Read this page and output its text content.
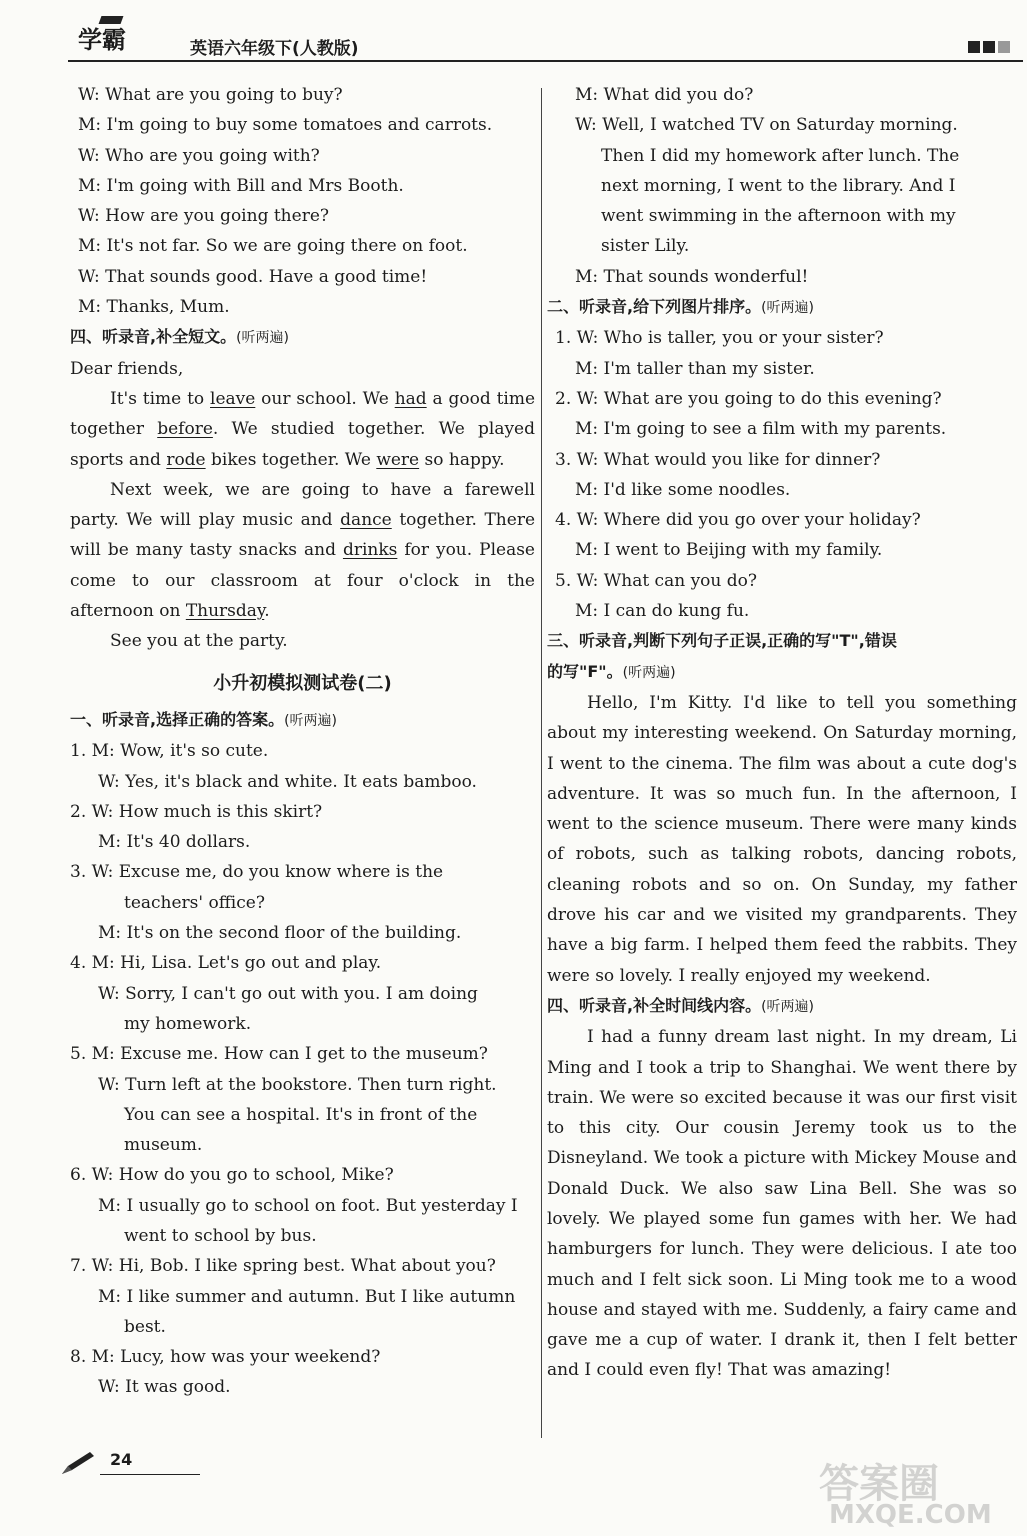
学霸	英语六年级下(人教版)

W: What are you going to buy?

M: I'm going to buy some tomatoes and carrots.

W: Who are you going with?

M: I'm going with Bill and Mrs Booth.

W: How are you going there?

M: It's not far. So we are going there on foot.

W: That sounds good. Have a good time!

M: Thanks, Mum.

四、听录音,补全短文。(听两遍)

Dear friends,

It's time to leave our school. We had a good time together before. We studied together. We played sports and rode bikes together. We were so happy.

Next week, we are going to have a farewell party. We will play music and dance together. There will be many tasty snacks and drinks for you. Please come to our classroom at four o'clock in the afternoon on Thursday.

See you at the party.

小升初模拟测试卷(二)

一、听录音,选择正确的答案。(听两遍)

1. M: Wow, it's so cute.

W: Yes, it's black and white. It eats bamboo.

2. W: How much is this skirt?

M: It's 40 dollars.

3. W: Excuse me, do you know where is the

teachers' office?

M: It's on the second floor of the building.

4. M: Hi, Lisa. Let's go out and play.

W: Sorry, I can't go out with you. I am doing

my homework.

5. M: Excuse me. How can I get to the museum?

W: Turn left at the bookstore. Then turn right.

You can see a hospital. It's in front of the

museum.

6. W: How do you go to school, Mike?

M: I usually go to school on foot. But yesterday I

went to school by bus.

7. W: Hi, Bob. I like spring best. What about you?

M: I like summer and autumn. But I like autumn

best.

8. M: Lucy, how was your weekend?

W: It was good.

M: What did you do?

W: Well, I watched TV on Saturday morning.

Then I did my homework after lunch. The

next morning, I went to the library. And I

went swimming in the afternoon with my

sister Lily.

M: That sounds wonderful!

二、听录音,给下列图片排序。(听两遍)

1. W: Who is taller, you or your sister?

M: I'm taller than my sister.

2. W: What are you going to do this evening?

M: I'm going to see a film with my parents.

3. W: What would you like for dinner?

M: I'd like some noodles.

4. W: Where did you go over your holiday?

M: I went to Beijing with my family.

5. W: What can you do?

M: I can do kung fu.

三、听录音,判断下列句子正误,正确的写"T",错误

的写"F"。(听两遍)

Hello, I'm Kitty. I'd like to tell you something about my interesting weekend. On Saturday morning, I went to the cinema. The film was about a cute dog's adventure. It was so much fun. In the afternoon, I went to the science museum. There were many kinds of robots, such as talking robots, dancing robots, cleaning robots and so on. On Sunday, my father drove his car and we visited my grandparents. They have a big farm. I helped them feed the rabbits. They were so lovely. I really enjoyed my weekend.

四、听录音,补全时间线内容。(听两遍)

I had a funny dream last night. In my dream, Li Ming and I took a trip to Shanghai. We went there by train. We were so excited because it was our first visit to this city. Our cousin Jeremy took us to the Disneyland. We took a picture with Mickey Mouse and Donald Duck. We also saw Lina Bell. She was so lovely. We played some fun games with her. We had hamburgers for lunch. They were delicious. I ate too much and I felt sick soon. Li Ming took me to a wood house and stayed with me. Suddenly, a fairy came and gave me a cup of water. I drank it, then I felt better and I could even fly! That was amazing!

24
答案圈
MXQE.COM
